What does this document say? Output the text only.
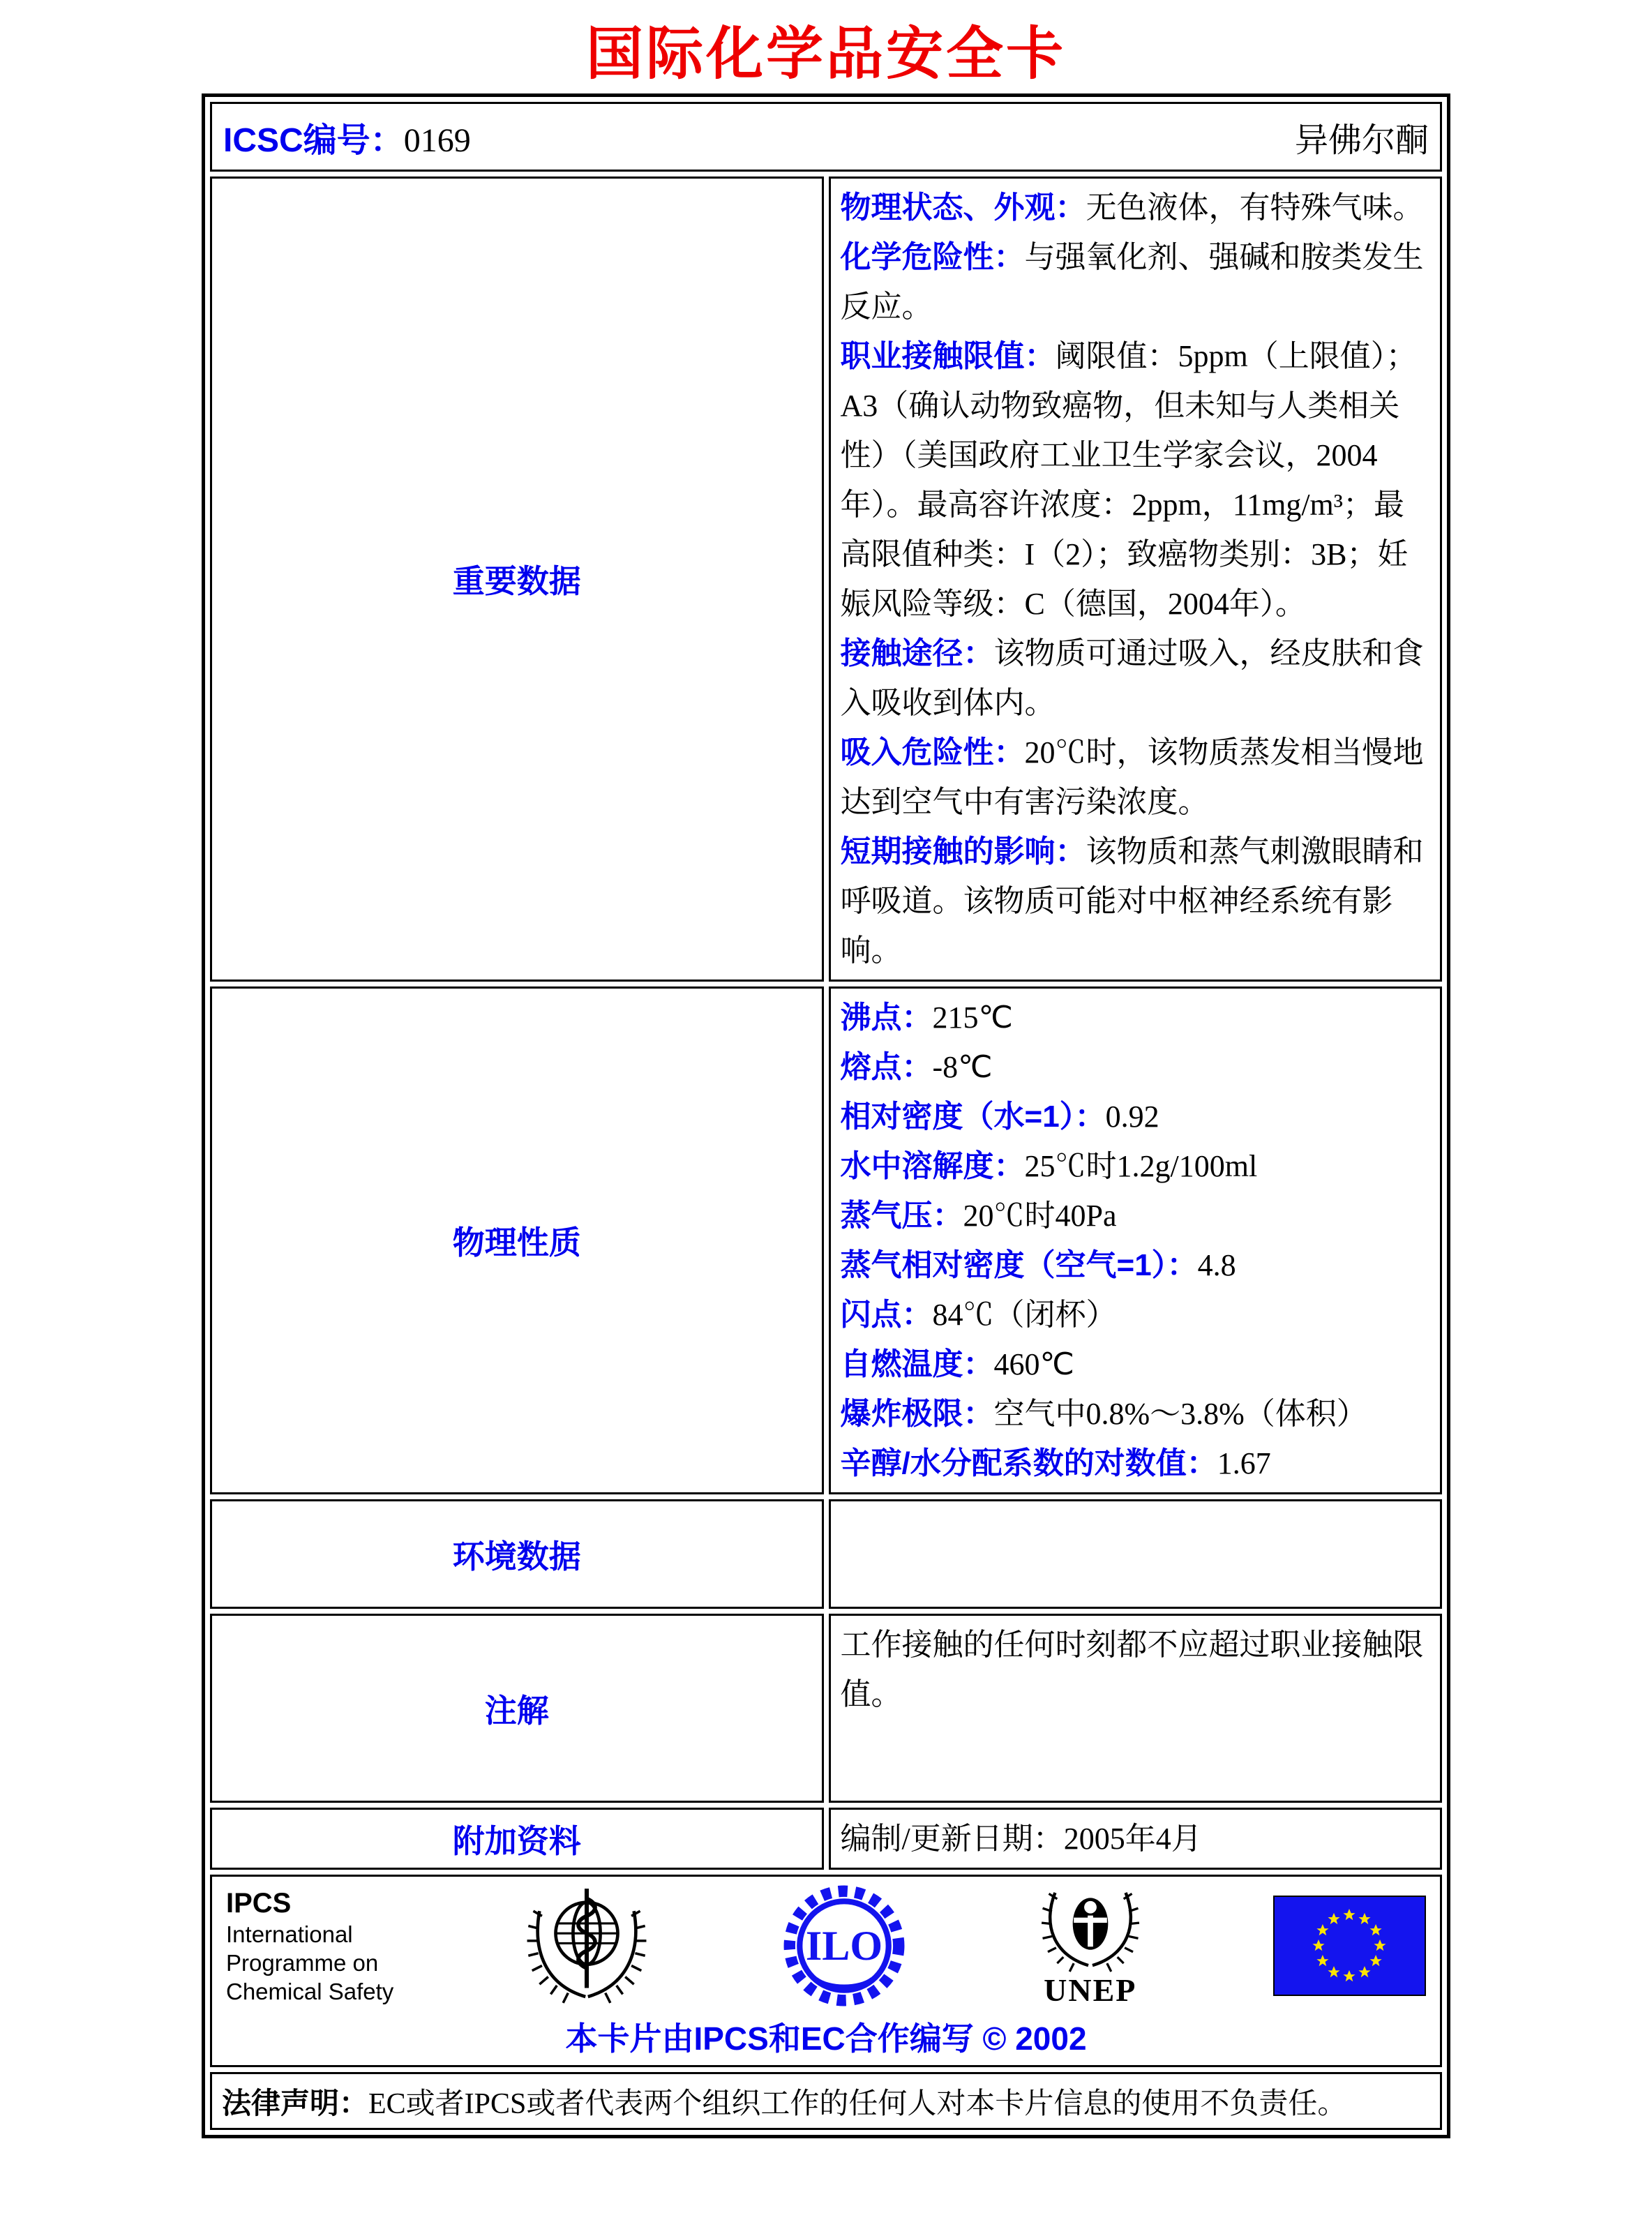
国际化学品安全卡
ICSC编号：0169 异佛尔酮	

重要数据	
物理状态、外观：无色液体，有特殊气味。
化学危险性：与强氧化剂、强碱和胺类发生反应。
职业接触限值：阈限值：5ppm（上限值）；A3（确认动物致癌物，但未知与人类相关性）（美国政府工业卫生学家会议，2004年）。最高容许浓度：2ppm，11mg/m³；最高限值种类：I（2）；致癌物类别：3B；妊娠风险等级：C（德国，2004年）。
接触途径：该物质可通过吸入，经皮肤和食入吸收到体内。
吸入危险性：20℃时，该物质蒸发相当慢地达到空气中有害污染浓度。
短期接触的影响：该物质和蒸气刺激眼睛和呼吸道。该物质可能对中枢神经系统有影响。

物理性质	
沸点：215℃
熔点：-8℃
相对密度（水=1）：0.92
水中溶解度：25℃时1.2g/100ml
蒸气压：20℃时40Pa
蒸气相对密度（空气=1）：4.8
闪点：84℃（闭杯）
自燃温度：460℃
爆炸极限：空气中0.8%～3.8%（体积）
辛醇/水分配系数的对数值：1.67

环境数据	
注解	工作接触的任何时刻都不应超过职业接触限值。
附加资料	编制/更新日期：2005年4月

IPCS
International
Programme on
Chemical Safety
ILO
UNEP
本卡片由IPCS和EC合作编写 © 2002

法律声明：EC或者IPCS或者代表两个组织工作的任何人对本卡片信息的使用不负责任。	
